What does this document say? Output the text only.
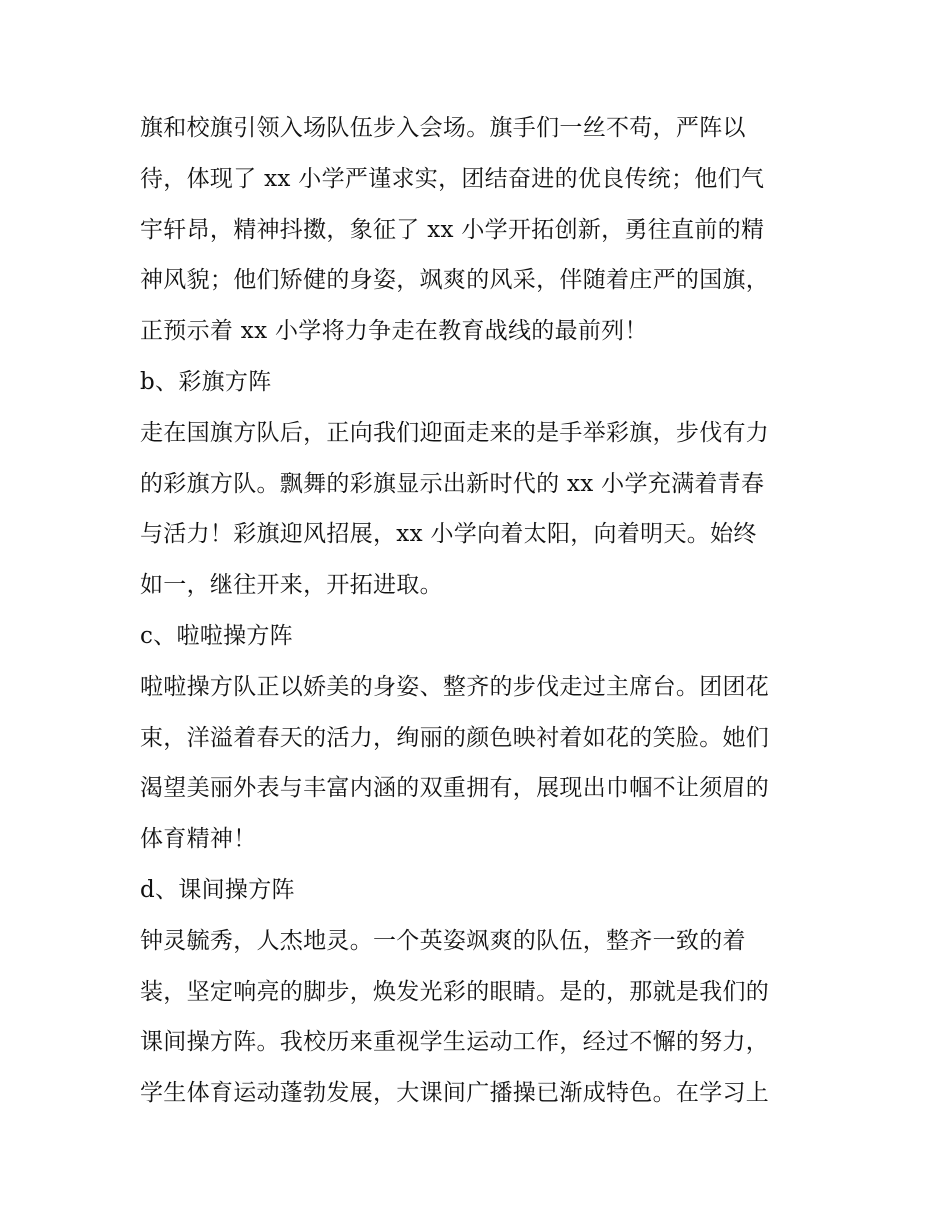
旗和校旗引领入场队伍步入会场。旗手们一丝不苟，严阵以
待，体现了 xx 小学严谨求实，团结奋进的优良传统；他们气
宇轩昂，精神抖擞，象征了 xx 小学开拓创新，勇往直前的精
神风貌；他们矫健的身姿，飒爽的风采，伴随着庄严的国旗，
正预示着 xx 小学将力争走在教育战线的最前列！
b、彩旗方阵
走在国旗方队后，正向我们迎面走来的是手举彩旗，步伐有力
的彩旗方队。飘舞的彩旗显示出新时代的 xx 小学充满着青春
与活力！彩旗迎风招展，xx 小学向着太阳，向着明天。始终
如一，继往开来，开拓进取。
c、啦啦操方阵
啦啦操方队正以娇美的身姿、整齐的步伐走过主席台。团团花
束，洋溢着春天的活力，绚丽的颜色映衬着如花的笑脸。她们
渴望美丽外表与丰富内涵的双重拥有，展现出巾帼不让须眉的
体育精神！
d、课间操方阵
钟灵毓秀，人杰地灵。一个英姿飒爽的队伍，整齐一致的着
装，坚定响亮的脚步，焕发光彩的眼睛。是的，那就是我们的
课间操方阵。我校历来重视学生运动工作，经过不懈的努力，
学生体育运动蓬勃发展，大课间广播操已渐成特色。在学习上
